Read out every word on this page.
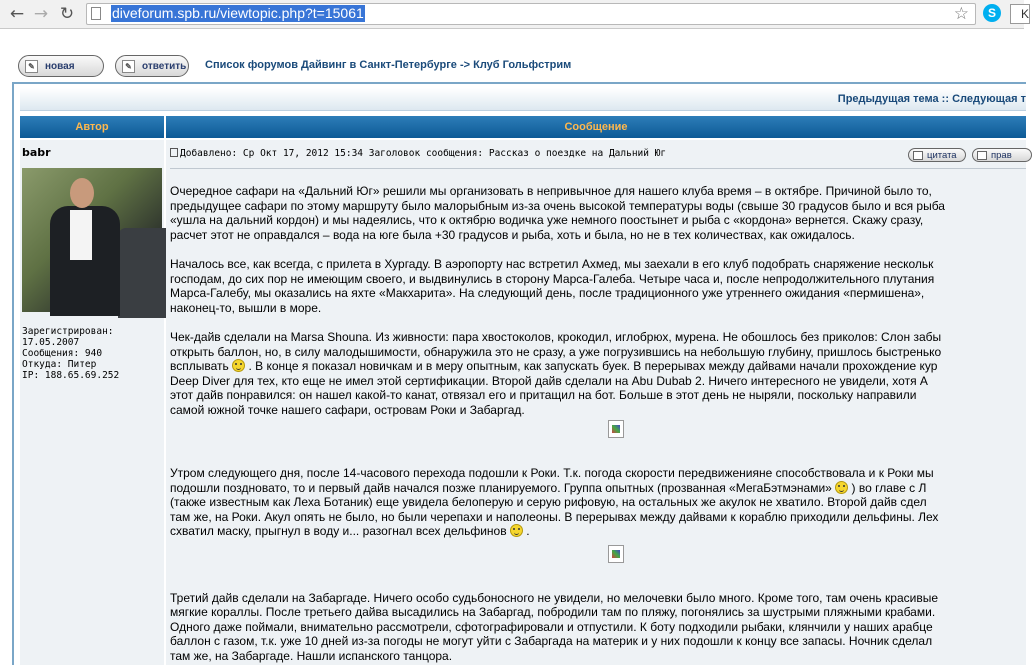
← → ↻	diveforum.spb.ru/viewtopic.php?t=15061	☆	S	K
✎	новая	✎	ответить Список форумов Дайвинг в Санкт-Петербурге -> Клуб Гольфстрим
Предыдущая тема :: Следующая т
Автор	Сообщение
babr
Зарегистрирован:
17.05.2007
Сообщения: 940
Откуда: Питер
IP: 188.65.69.252
Добавлено: Ср Окт 17, 2012 15:34 Заголовок сообщения: Рассказ о поездке на Дальний Юг	цитата	прав

Очередное сафари на «Дальний Юг» решили мы организовать в непривычное для нашего клуба время – в октябре. Причиной было то,

предыдущее сафари по этому маршруту было малорыбным из-за очень высокой температуры воды (свыше 30 градусов было и вся рыба

«ушла на дальний кордон) и мы надеялись, что к октябрю водичка уже немного поостынет и рыба с «кордона» вернется. Скажу сразу,

расчет этот не оправдался – вода на юге была +30 градусов и рыба, хоть и была, но не в тех количествах, как ожидалось.

Началось все, как всегда, с прилета в Хургаду. В аэропорту нас встретил Ахмед, мы заехали в его клуб подобрать снаряжение нескольк

господам, до сих пор не имеющим своего, и выдвинулись в сторону Марса-Галеба. Четыре часа и, после непродолжительного плутания

Марса-Галебу, мы оказались на яхте «Макхарита». На следующий день, после традиционного уже утреннего ожидания «пермишена»,

наконец-то, вышли в море.

Чек-дайв сделали на Marsa Shouna. Из живности: пара хвостоколов, крокодил, иглобрюх, мурена. Не обошлось без приколов: Слон забы

открыть баллон, но, в силу малодышимости, обнаружила это не сразу, а уже погрузившись на небольшую глубину, пришлось быстренько

всплывать  . В конце я показал новичкам и в меру опытным, как запускать буек. В перерывах между дайвами начали прохождение кур

Deep Diver для тех, кто еще не имел этой сертификации. Второй дайв сделали на Abu Dubab 2. Ничего интересного не увидели, хотя А

этот дайв понравился: он нашел какой-то канат, отвязал его и притащил на бот. Больше в этот день не ныряли, поскольку направили

самой южной точке нашего сафари, островам Роки и Забаргад.

Утром следующего дня, после 14-часового перехода подошли к Роки. Т.к. погода скорости передвиженияне способствовала и к Роки мы

подошли поздновато, то и первый дайв начался позже планируемого. Группа опытных (прозванная «МегаБэтмэнами»  ) во главе с Л

(также известным как Леха Ботаник) еще увидела белоперую и серую рифовую, на остальных же акулок не хватило. Второй дайв сдел

там же, на Роки. Акул опять не было, но были черепахи и наполеоны. В перерывах между дайвами к кораблю приходили дельфины. Лех

схватил маску, прыгнул в воду и... разогнал всех дельфинов  .

Третий дайв сделали на Забаргаде. Ничего особо судьбоносного не увидели, но мелочевки было много. Кроме того, там очень красивые

мягкие кораллы. После третьего дайва высадились на Забаргад, побродили там по пляжу, погонялись за шустрыми пляжными крабами.

Одного даже поймали, внимательно рассмотрели, сфотографировали и отпустили. К боту подходили рыбаки, клянчили у наших арабце

баллон с газом, т.к. уже 10 дней из-за погоды не могут уйти с Забаргада на материк и у них подошли к концу все запасы. Ночник сделал

там же, на Забаргаде. Нашли испанского танцора.
